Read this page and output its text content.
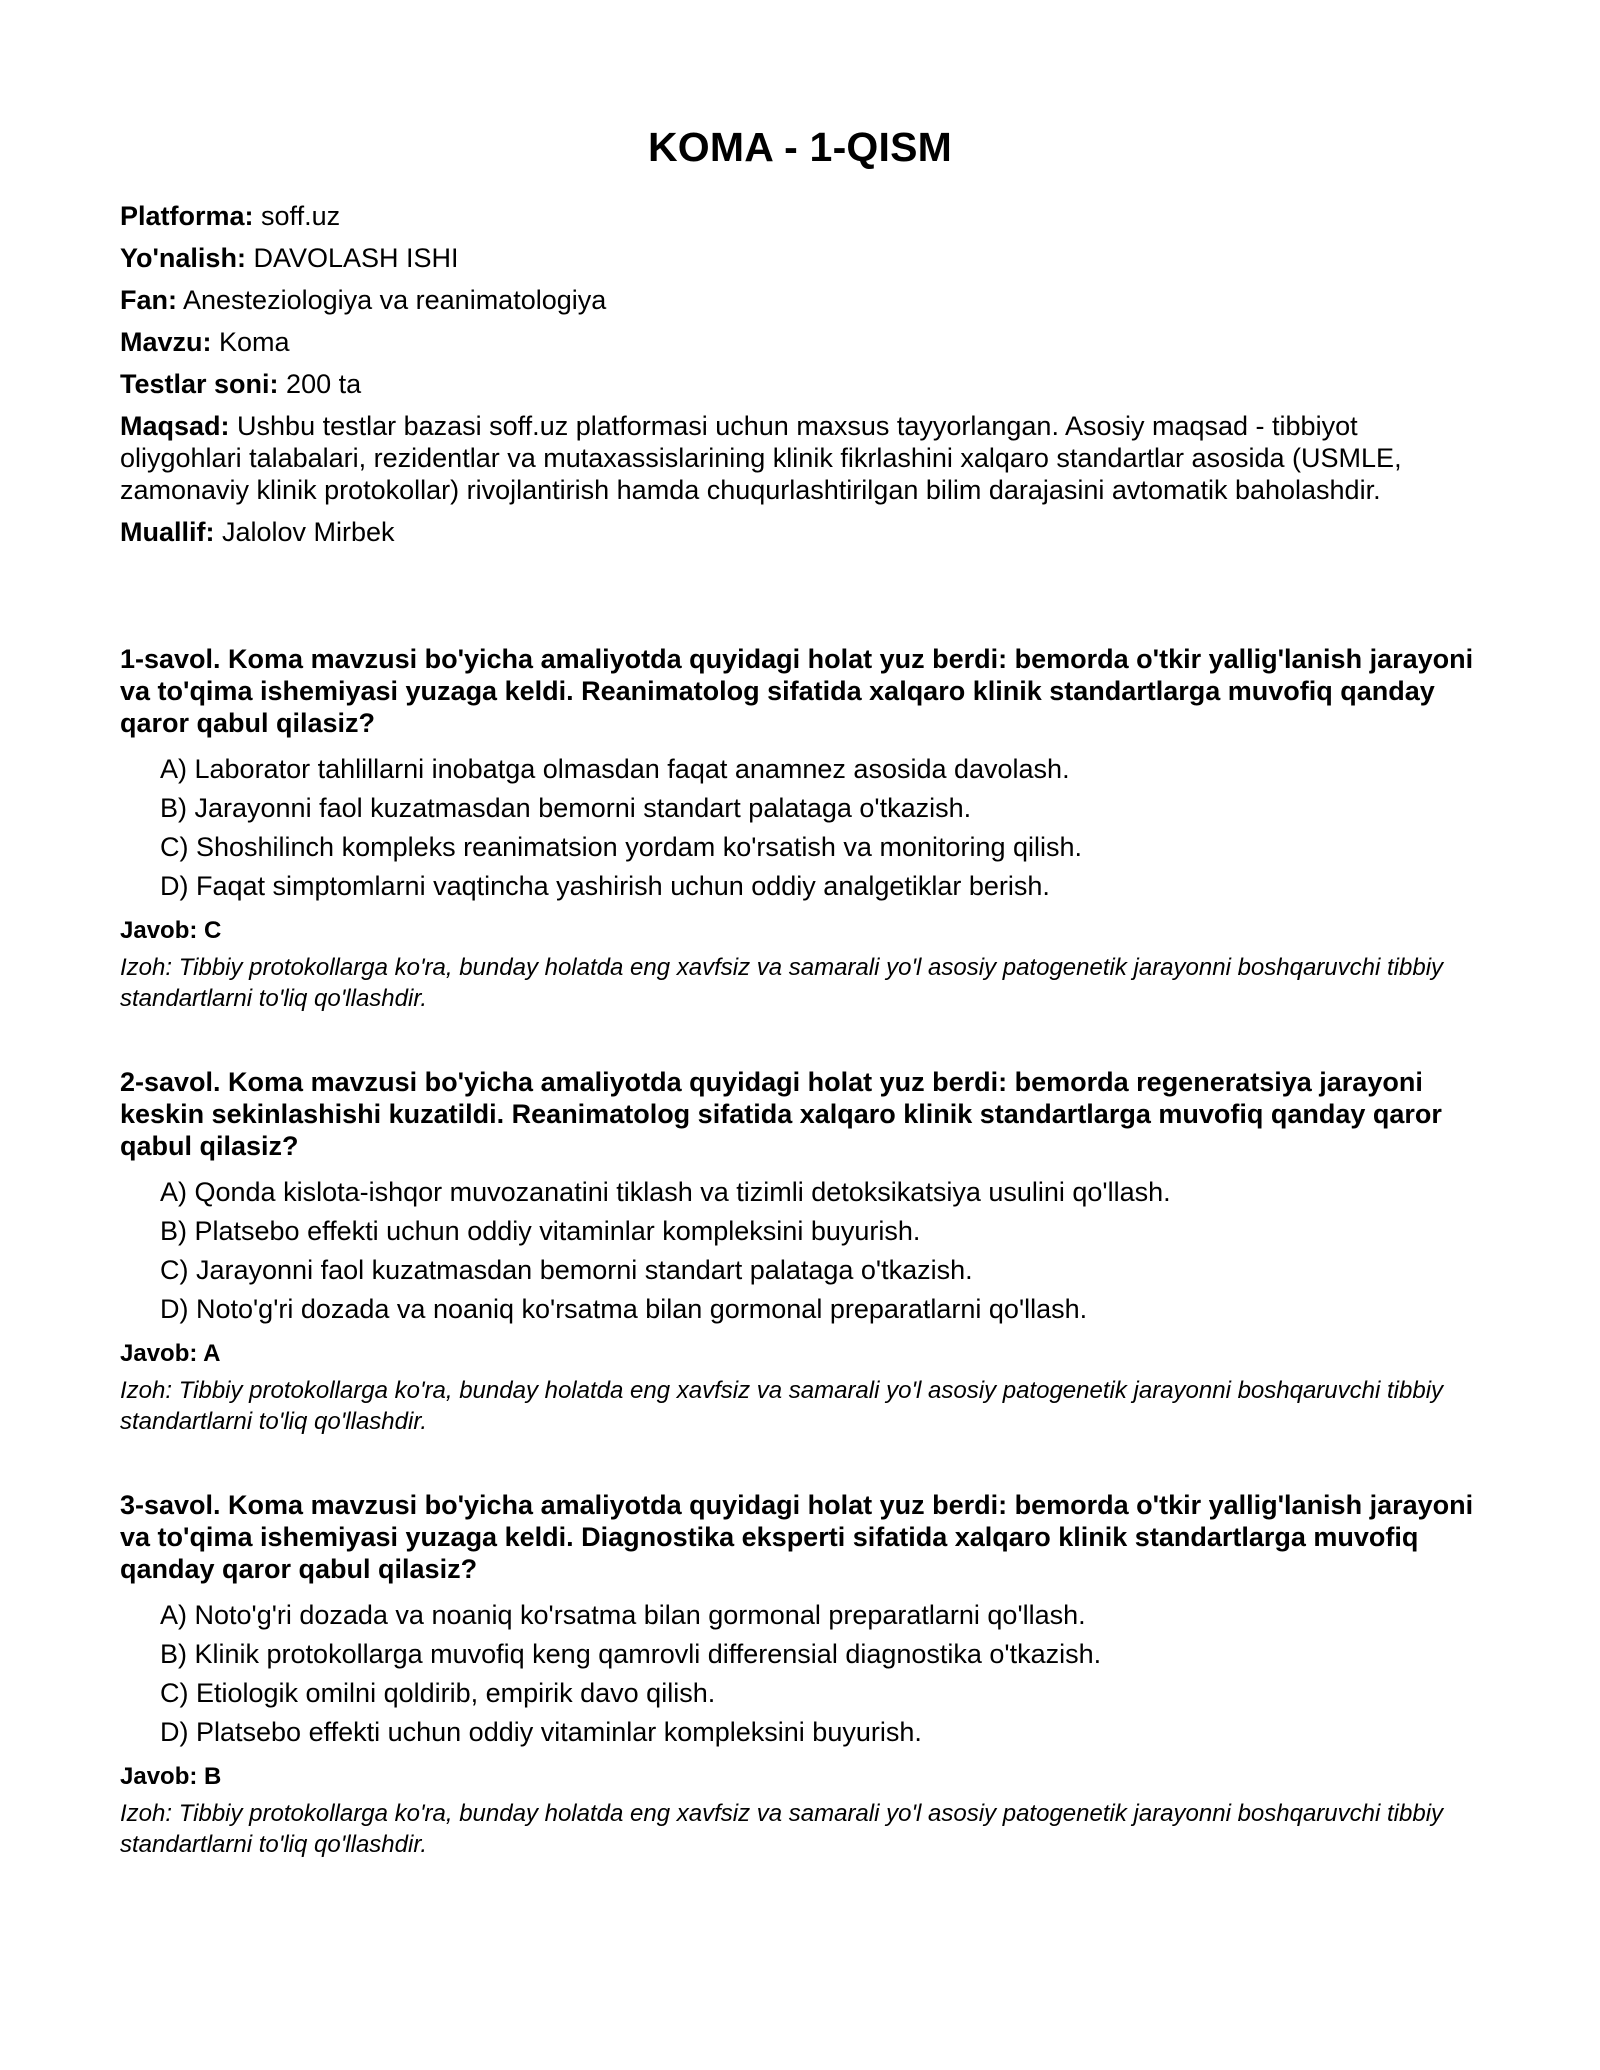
KOMA - 1-QISM
Platforma: soff.uz
Yo'nalish: DAVOLASH ISHI
Fan: Anesteziologiya va reanimatologiya
Mavzu: Koma
Testlar soni: 200 ta
Maqsad: Ushbu testlar bazasi soff.uz platformasi uchun maxsus tayyorlangan. Asosiy maqsad - tibbiyot oliygohlari talabalari, rezidentlar va mutaxassislarining klinik fikrlashini xalqaro standartlar asosida (USMLE, zamonaviy klinik protokollar) rivojlantirish hamda chuqurlashtirilgan bilim darajasini avtomatik baholashdir.
Muallif: Jalolov Mirbek

1-savol. Koma mavzusi bo'yicha amaliyotda quyidagi holat yuz berdi: bemorda o'tkir yallig'lanish jarayoni va to'qima ishemiyasi yuzaga keldi. Reanimatolog sifatida xalqaro klinik standartlarga muvofiq qanday qaror qabul qilasiz?

A) Laborator tahlillarni inobatga olmasdan faqat anamnez asosida davolash.
B) Jarayonni faol kuzatmasdan bemorni standart palataga o'tkazish.
C) Shoshilinch kompleks reanimatsion yordam ko'rsatish va monitoring qilish.
D) Faqat simptomlarni vaqtincha yashirish uchun oddiy analgetiklar berish.
Javob: C
Izoh: Tibbiy protokollarga ko'ra, bunday holatda eng xavfsiz va samarali yo'l asosiy patogenetik jarayonni boshqaruvchi tibbiy standartlarni to'liq qo'llashdir.

2-savol. Koma mavzusi bo'yicha amaliyotda quyidagi holat yuz berdi: bemorda regeneratsiya jarayoni keskin sekinlashishi kuzatildi. Reanimatolog sifatida xalqaro klinik standartlarga muvofiq qanday qaror qabul qilasiz?

A) Qonda kislota-ishqor muvozanatini tiklash va tizimli detoksikatsiya usulini qo'llash.
B) Platsebo effekti uchun oddiy vitaminlar kompleksini buyurish.
C) Jarayonni faol kuzatmasdan bemorni standart palataga o'tkazish.
D) Noto'g'ri dozada va noaniq ko'rsatma bilan gormonal preparatlarni qo'llash.
Javob: A
Izoh: Tibbiy protokollarga ko'ra, bunday holatda eng xavfsiz va samarali yo'l asosiy patogenetik jarayonni boshqaruvchi tibbiy standartlarni to'liq qo'llashdir.

3-savol. Koma mavzusi bo'yicha amaliyotda quyidagi holat yuz berdi: bemorda o'tkir yallig'lanish jarayoni va to'qima ishemiyasi yuzaga keldi. Diagnostika eksperti sifatida xalqaro klinik standartlarga muvofiq qanday qaror qabul qilasiz?

A) Noto'g'ri dozada va noaniq ko'rsatma bilan gormonal preparatlarni qo'llash.
B) Klinik protokollarga muvofiq keng qamrovli differensial diagnostika o'tkazish.
C) Etiologik omilni qoldirib, empirik davo qilish.
D) Platsebo effekti uchun oddiy vitaminlar kompleksini buyurish.
Javob: B
Izoh: Tibbiy protokollarga ko'ra, bunday holatda eng xavfsiz va samarali yo'l asosiy patogenetik jarayonni boshqaruvchi tibbiy standartlarni to'liq qo'llashdir.
